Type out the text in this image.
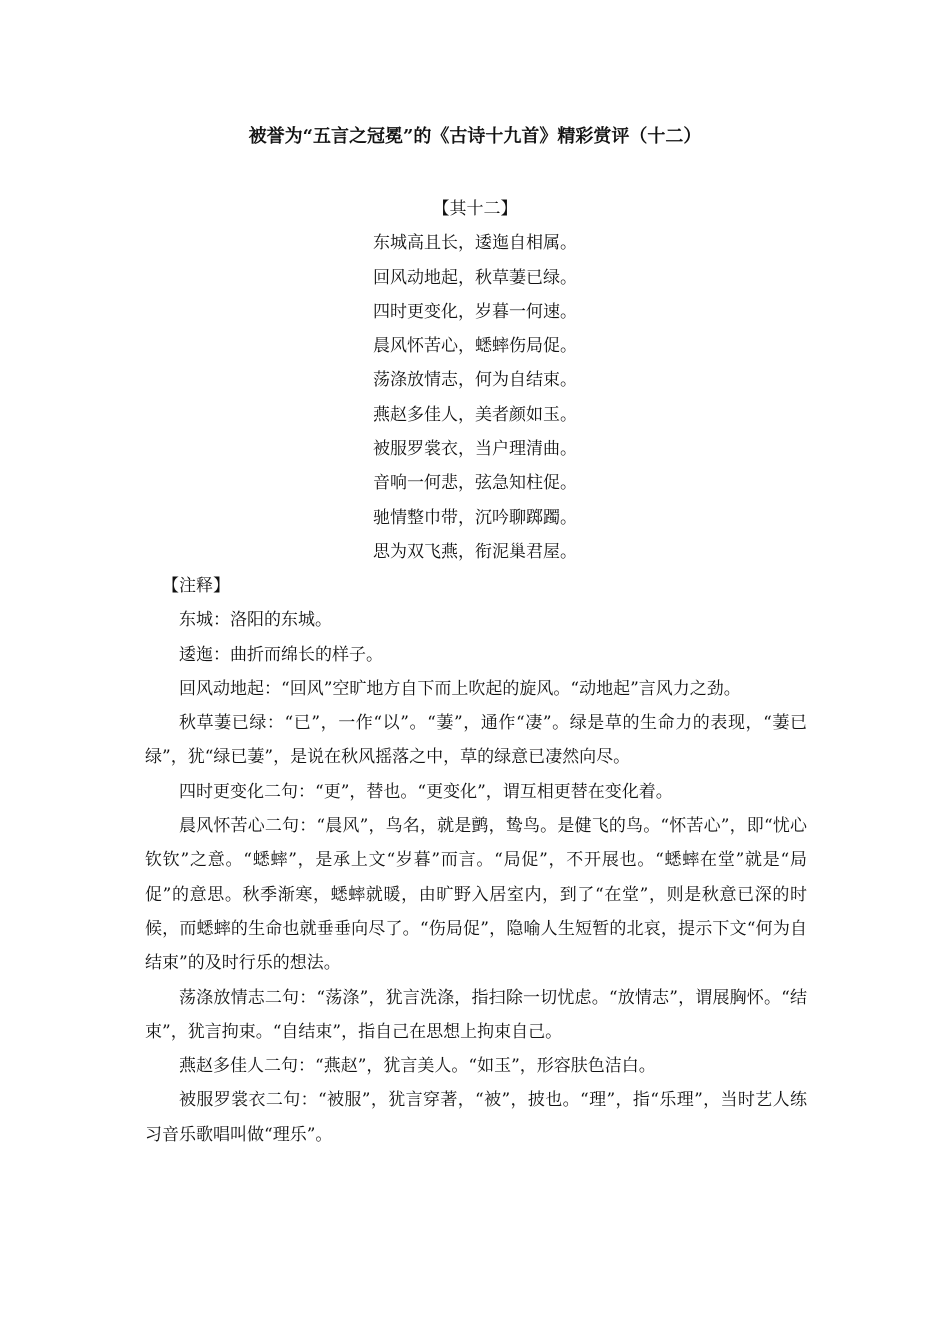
被誉为“五言之冠冕”的《古诗十九首》精彩赏评（十二）
【其十二】
东城高且长，逶迤自相属。
回风动地起，秋草萋已绿。
四时更变化，岁暮一何速。
晨风怀苦心，蟋蟀伤局促。
荡涤放情志，何为自结束。
燕赵多佳人，美者颜如玉。
被服罗裳衣，当户理清曲。
音响一何悲，弦急知柱促。
驰情整巾带，沉吟聊踯躅。
思为双飞燕，衔泥巢君屋。

【注释】

东城：洛阳的东城。

逶迤：曲折而绵长的样子。

回风动地起：“回风”空旷地方自下而上吹起的旋风。“动地起”言风力之劲。

秋草萋已绿：“已”，一作“以”。“萋”，通作“凄”。绿是草的生命力的表现，“萋已绿”，犹“绿已萋”，是说在秋风摇落之中，草的绿意已凄然向尽。

四时更变化二句：“更”，替也。“更变化”，谓互相更替在变化着。

晨风怀苦心二句：“晨风”，鸟名，就是鹯，鸷鸟。是健飞的鸟。“怀苦心”，即“忧心钦钦”之意。“蟋蟀”，是承上文“岁暮”而言。“局促”，不开展也。“蟋蟀在堂”就是“局促”的意思。秋季渐寒，蟋蟀就暖，由旷野入居室内，到了“在堂”，则是秋意已深的时候，而蟋蟀的生命也就垂垂向尽了。“伤局促”，隐喻人生短暂的北哀，提示下文“何为自结束”的及时行乐的想法。

荡涤放情志二句：“荡涤”，犹言洗涤，指扫除一切忧虑。“放情志”，谓展胸怀。“结束”，犹言拘束。“自结束”，指自己在思想上拘束自己。

燕赵多佳人二句：“燕赵”，犹言美人。“如玉”，形容肤色洁白。

被服罗裳衣二句：“被服”，犹言穿著，“被”，披也。“理”，指“乐理”，当时艺人练习音乐歌唱叫做“理乐”。
